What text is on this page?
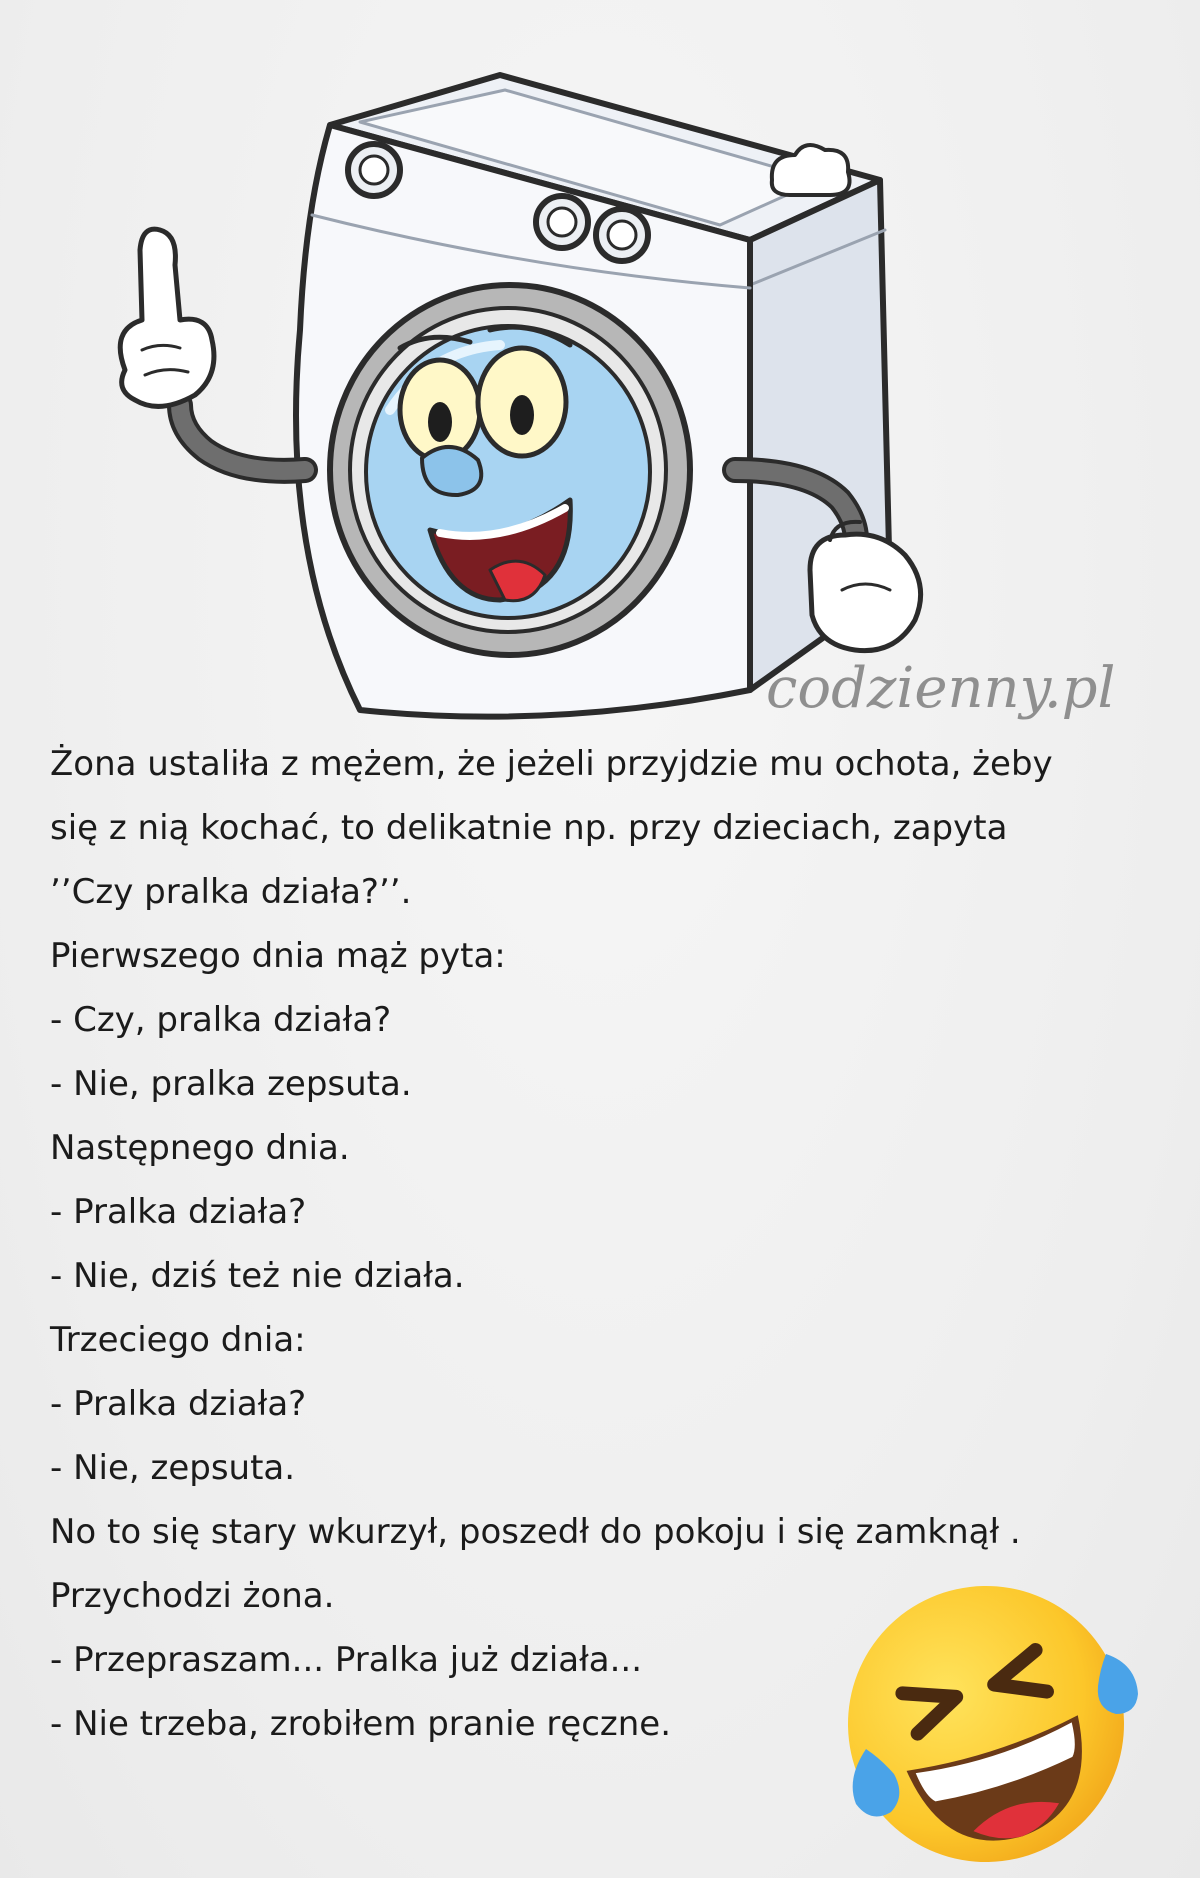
codzienny.pl
Żona ustaliła z mężem, że jeżeli przyjdzie mu ochota, żeby
się z nią kochać, to delikatnie np. przy dzieciach, zapyta
’’Czy pralka działa?’’.
Pierwszego dnia mąż pyta:
- Czy, pralka działa?
- Nie, pralka zepsuta.
Następnego dnia.
- Pralka działa?
- Nie, dziś też nie działa.
Trzeciego dnia:
- Pralka działa?
- Nie, zepsuta.
No to się stary wkurzył, poszedł do pokoju i się zamknął .
Przychodzi żona.
- Przepraszam... Pralka już działa...
- Nie trzeba, zrobiłem pranie ręczne.
